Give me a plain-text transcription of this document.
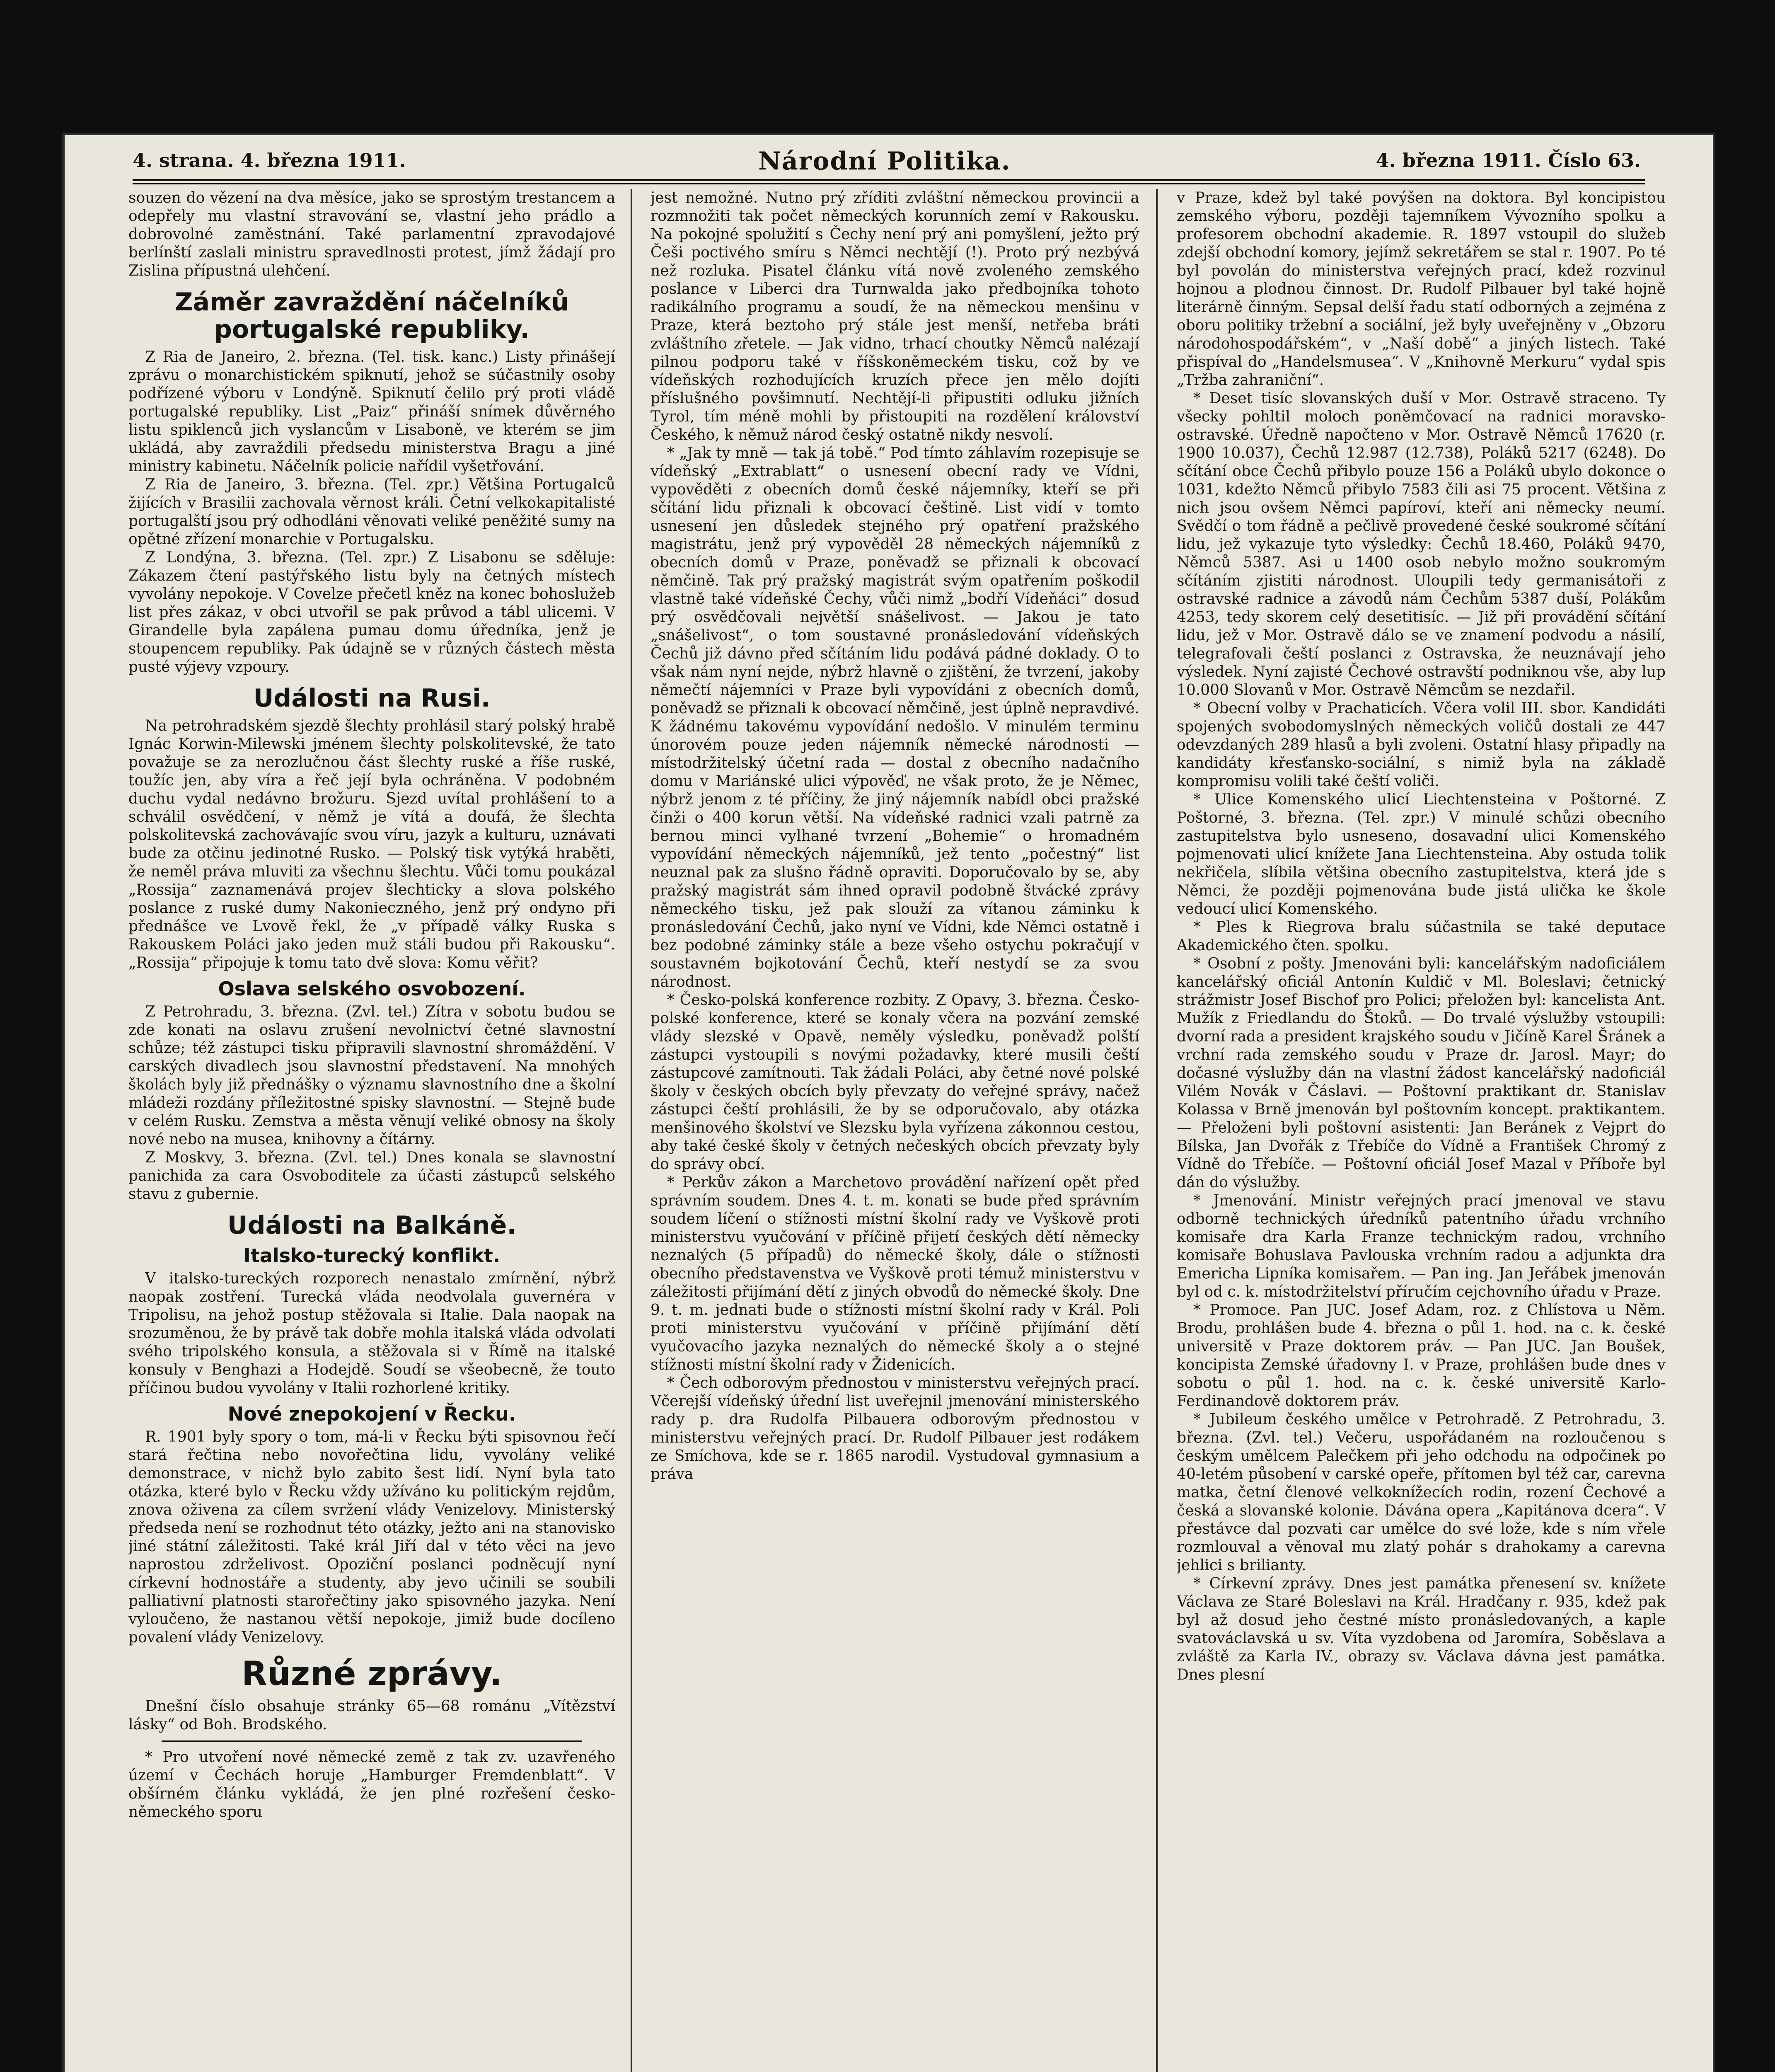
4. strana. 4. března 1911.	Národní Politika.	4. března 1911. Číslo 63.

souzen do vězení na dva měsíce, jako se sprostým trestancem a odepřely mu vlastní stravování se, vlastní jeho prádlo a dobrovolné zaměstnání. Také parlamentní zpravodajové berlínští zaslali ministru spravedlnosti protest, jímž žádají pro Zislina přípustná ulehčení.

Záměr zavraždění náčelníků portugalské republiky.

Z Ria de Janeiro, 2. března. (Tel. tisk. kanc.) Listy přinášejí zprávu o monarchistickém spiknutí, jehož se súčastnily osoby podřízené výboru v Londýně. Spiknutí čelilo prý proti vládě portugalské republiky. List „Paiz“ přináší snímek důvěrného listu spiklenců jich vyslancům v Lisaboně, ve kterém se jim ukládá, aby zavraždili předsedu ministerstva Bragu a jiné ministry kabinetu. Náčelník policie nařídil vyšetřování.

Z Ria de Janeiro, 3. března. (Tel. zpr.) Většina Portugalců žijících v Brasilii zachovala věrnost králi. Četní velkokapitalisté portugalští jsou prý odhodláni věnovati veliké peněžité sumy na opětné zřízení monarchie v Portugalsku.

Z Londýna, 3. března. (Tel. zpr.) Z Lisabonu se sděluje: Zákazem čtení pastýřského listu byly na četných místech vyvolány nepokoje. V Covelze přečetl kněz na konec bohoslužeb list přes zákaz, v obci utvořil se pak průvod a tábl ulicemi. V Girandelle byla zapálena pumau domu úředníka, jenž je stoupencem republiky. Pak údajně se v různých částech města pusté výjevy vzpoury.

Události na Rusi.

Na petrohradském sjezdě šlechty prohlásil starý polský hrabě Ignác Korwin-Milewski jménem šlechty polskolitevské, že tato považuje se za nerozlučnou část šlechty ruské a říše ruské, toužíc jen, aby víra a řeč její byla ochráněna. V podobném duchu vydal nedávno brožuru. Sjezd uvítal prohlášení to a schválil osvědčení, v němž je vítá a doufá, že šlechta polskolitevská zachovávajíc svou víru, jazyk a kulturu, uznávati bude za otčinu jedinotné Rusko. — Polský tisk vytýká hraběti, že neměl práva mluviti za všechnu šlechtu. Vůči tomu poukázal „Rossija“ zaznamenává projev šlechticky a slova polského poslance z ruské dumy Nakonieczného, jenž prý ondyno při přednášce ve Lvově řekl, že „v případě války Ruska s Rakouskem Poláci jako jeden muž stáli budou při Rakousku“. „Rossija“ připojuje k tomu tato dvě slova: Komu věřit?

Oslava selského osvobození.

Z Petrohradu, 3. března. (Zvl. tel.) Zítra v sobotu budou se zde konati na oslavu zrušení nevolnictví četné slavnostní schůze; též zástupci tisku připravili slavnostní shromáždění. V carských divadlech jsou slavnostní představení. Na mnohých školách byly již přednášky o významu slavnostního dne a školní mládeži rozdány příležitostné spisky slavnostní. — Stejně bude v celém Rusku. Zemstva a města věnují veliké obnosy na školy nové nebo na musea, knihovny a čítárny.

Z Moskvy, 3. března. (Zvl. tel.) Dnes konala se slavnostní panichida za cara Osvoboditele za účasti zástupců selského stavu z gubernie.

Události na Balkáně.
Italsko-turecký konflikt.

V italsko-tureckých rozporech nenastalo zmírnění, nýbrž naopak zostření. Turecká vláda neodvolala guvernéra v Tripolisu, na jehož postup stěžovala si Italie. Dala naopak na srozuměnou, že by právě tak dobře mohla italská vláda odvolati svého tripolského konsula, a stěžovala si v Římě na italské konsuly v Benghazi a Hodejdě. Soudí se všeobecně, že touto příčinou budou vyvolány v Italii rozhorlené kritiky.

Nové znepokojení v Řecku.

R. 1901 byly spory o tom, má-li v Řecku býti spisovnou řečí stará řečtina nebo novořečtina lidu, vyvolány veliké demonstrace, v nichž bylo zabito šest lidí. Nyní byla tato otázka, které bylo v Řecku vždy užíváno ku politickým rejdům, znova oživena za cílem svržení vlády Venizelovy. Ministerský předseda není se rozhodnut této otázky, ježto ani na stanovisko jiné státní záležitosti. Také král Jiří dal v této věci na jevo naprostou zdrželivost. Opoziční poslanci podněcují nyní církevní hodnostáře a studenty, aby jevo učinili se soubili palliativní platnosti starořečtiny jako spisovného jazyka. Není vyloučeno, že nastanou větší nepokoje, jimiž bude docíleno povalení vlády Venizelovy.

Různé zprávy.

Dnešní číslo obsahuje stránky 65—68 románu „Vítězství lásky“ od Boh. Brodského.

* Pro utvoření nové německé země z tak zv. uzavřeného území v Čechách horuje „Hamburger Fremdenblatt“. V obšírném článku vykládá, že jen plné rozřešení česko-německého sporu

jest nemožné. Nutno prý zříditi zvláštní německou provincii a rozmnožiti tak počet německých korunních zemí v Rakousku. Na pokojné spolužití s Čechy není prý ani pomyšlení, ježto prý Češi poctivého smíru s Němci nechtějí (!). Proto prý nezbývá než rozluka. Pisatel článku vítá nově zvoleného zemského poslance v Liberci dra Turnwalda jako předbojníka tohoto radikálního programu a soudí, že na německou menšinu v Praze, která beztoho prý stále jest menší, netřeba bráti zvláštního zřetele. — Jak vidno, trhací choutky Němců nalézají pilnou podporu také v říšskoněmeckém tisku, což by ve vídeňských rozhodujících kruzích přece jen mělo dojíti příslušného povšimnutí. Nechtějí-li připustiti odluku jižních Tyrol, tím méně mohli by přistoupiti na rozdělení království Českého, k němuž národ český ostatně nikdy nesvolí.

* „Jak ty mně — tak já tobě.“ Pod tímto záhlavím rozepisuje se vídeňský „Extrablatt“ o usnesení obecní rady ve Vídni, vypověděti z obecních domů české nájemníky, kteří se při sčítání lidu přiznali k obcovací češtině. List vidí v tomto usnesení jen důsledek stejného prý opatření pražského magistrátu, jenž prý vypověděl 28 německých nájemníků z obecních domů v Praze, poněvadž se přiznali k obcovací němčině. Tak prý pražský magistrát svým opatřením poškodil vlastně také vídeňské Čechy, vůči nimž „bodří Vídeňáci“ dosud prý osvědčovali největší snášelivost. — Jakou je tato „snášelivost“, o tom soustavné pronásledování vídeňských Čechů již dávno před sčítáním lidu podává pádné doklady. O to však nám nyní nejde, nýbrž hlavně o zjištění, že tvrzení, jakoby němečtí nájemníci v Praze byli vypovídáni z obecních domů, poněvadž se přiznali k obcovací němčině, jest úplně nepravdivé. K žádnému takovému vypovídání nedošlo. V minulém terminu únorovém pouze jeden nájemník německé národnosti — místodržitelský účetní rada — dostal z obecního nadačního domu v Mariánské ulici výpověď, ne však proto, že je Němec, nýbrž jenom z té příčiny, že jiný nájemník nabídl obci pražské činži o 400 korun větší. Na vídeňské radnici vzali patrně za bernou minci vylhané tvrzení „Bohemie“ o hromadném vypovídání německých nájemníků, jež tento „počestný“ list neuznal pak za slušno řádně opraviti. Doporučovalo by se, aby pražský magistrát sám ihned opravil podobně štvácké zprávy německého tisku, jež pak slouží za vítanou záminku k pronásledování Čechů, jako nyní ve Vídni, kde Němci ostatně i bez podobné záminky stále a beze všeho ostychu pokračují v soustavném bojkotování Čechů, kteří nestydí se za svou národnost.

* Česko-polská konference rozbity. Z Opavy, 3. března. Česko-polské konference, které se konaly včera na pozvání zemské vlády slezské v Opavě, neměly výsledku, poněvadž polští zástupci vystoupili s novými požadavky, které musili čeští zástupcové zamítnouti. Tak žádali Poláci, aby četné nové polské školy v českých obcích byly převzaty do veřejné správy, načež zástupci čeští prohlásili, že by se odporučovalo, aby otázka menšinového školství ve Slezsku byla vyřízena zákonnou cestou, aby také české školy v četných nečeských obcích převzaty byly do správy obcí.

* Perkův zákon a Marchetovo provádění nařízení opět před správním soudem. Dnes 4. t. m. konati se bude před správním soudem líčení o stížnosti místní školní rady ve Vyškově proti ministerstvu vyučování v příčině přijetí českých dětí německy neznalých (5 případů) do německé školy, dále o stížnosti obecního představenstva ve Vyškově proti témuž ministerstvu v záležitosti přijímání dětí z jiných obvodů do německé školy. Dne 9. t. m. jednati bude o stížnosti místní školní rady v Král. Poli proti ministerstvu vyučování v příčině přijímání dětí vyučovacího jazyka neznalých do německé školy a o stejné stížnosti místní školní rady v Židenicích.

* Čech odborovým přednostou v ministerstvu veřejných prací. Včerejší vídeňský úřední list uveřejnil jmenování ministerského rady p. dra Rudolfa Pilbauera odborovým přednostou v ministerstvu veřejných prací. Dr. Rudolf Pilbauer jest rodákem ze Smíchova, kde se r. 1865 narodil. Vystudoval gymnasium a práva

v Praze, kdež byl také povýšen na doktora. Byl koncipistou zemského výboru, později tajemníkem Vývozního spolku a profesorem obchodní akademie. R. 1897 vstoupil do služeb zdejší obchodní komory, jejímž sekretářem se stal r. 1907. Po té byl povolán do ministerstva veřejných prací, kdež rozvinul hojnou a plodnou činnost. Dr. Rudolf Pilbauer byl také hojně literárně činným. Sepsal delší řadu statí odborných a zejména z oboru politiky tržební a sociální, jež byly uveřejněny v „Obzoru národohospodářském“, v „Naší době“ a jiných listech. Také přispíval do „Handelsmusea“. V „Knihovně Merkuru“ vydal spis „Tržba zahraniční“.

* Deset tisíc slovanských duší v Mor. Ostravě straceno. Ty všecky pohltil moloch poněmčovací na radnici moravsko-ostravské. Úředně napočteno v Mor. Ostravě Němců 17620 (r. 1900 10.037), Čechů 12.987 (12.738), Poláků 5217 (6248). Do sčítání obce Čechů přibylo pouze 156 a Poláků ubylo dokonce o 1031, kdežto Němců přibylo 7583 čili asi 75 procent. Většina z nich jsou ovšem Němci papíroví, kteří ani německy neumí. Svědčí o tom řádně a pečlivě provedené české soukromé sčítání lidu, jež vykazuje tyto výsledky: Čechů 18.460, Poláků 9470, Němců 5387. Asi u 1400 osob nebylo možno soukromým sčítáním zjistiti národnost. Uloupili tedy germanisátoři z ostravské radnice a závodů nám Čechům 5387 duší, Polákům 4253, tedy skorem celý desetitisíc. — Již při provádění sčítání lidu, jež v Mor. Ostravě dálo se ve znamení podvodu a násilí, telegrafovali čeští poslanci z Ostravska, že neuznávají jeho výsledek. Nyní zajisté Čechové ostravští podniknou vše, aby lup 10.000 Slovanů v Mor. Ostravě Němcům se nezdařil.

* Obecní volby v Prachaticích. Včera volil III. sbor. Kandidáti spojených svobodomyslných německých voličů dostali ze 447 odevzdaných 289 hlasů a byli zvoleni. Ostatní hlasy připadly na kandidáty křesťansko-sociální, s nimiž byla na základě kompromisu volili také čeští voliči.

* Ulice Komenského ulicí Liechtensteina v Poštorné. Z Poštorné, 3. března. (Tel. zpr.) V minulé schůzi obecního zastupitelstva bylo usneseno, dosavadní ulici Komenského pojmenovati ulicí knížete Jana Liechtensteina. Aby ostuda tolik nekřičela, slíbila většina obecního zastupitelstva, která jde s Němci, že později pojmenována bude jistá ulička ke škole vedoucí ulicí Komenského.

* Ples k Riegrova bralu súčastnila se také deputace Akademického čten. spolku.

* Osobní z pošty. Jmenováni byli: kancelářským nadoficiálem kancelářský oficiál Antonín Kuldič v Ml. Boleslavi; četnický strážmistr Josef Bischof pro Polici; přeložen byl: kancelista Ant. Mužík z Friedlandu do Štoků. — Do trvalé výslužby vstoupili: dvorní rada a president krajského soudu v Jičíně Karel Šránek a vrchní rada zemského soudu v Praze dr. Jarosl. Mayr; do dočasné výslužby dán na vlastní žádost kancelářský nadoficiál Vilém Novák v Čáslavi. — Poštovní praktikant dr. Stanislav Kolassa v Brně jmenován byl poštovním koncept. praktikantem. — Přeloženi byli poštovní asistenti: Jan Beránek z Vejprt do Bílska, Jan Dvořák z Třebíče do Vídně a František Chromý z Vídně do Třebíče. — Poštovní oficiál Josef Mazal v Příboře byl dán do výslužby.

* Jmenování. Ministr veřejných prací jmenoval ve stavu odborně technických úředníků patentního úřadu vrchního komisaře dra Karla Franze technickým radou, vrchního komisaře Bohuslava Pavlouska vrchním radou a adjunkta dra Emericha Lipníka komisařem. — Pan ing. Jan Jeřábek jmenován byl od c. k. místodržitelství příručím cejchovního úřadu v Praze.

* Promoce. Pan JUC. Josef Adam, roz. z Chlístova u Něm. Brodu, prohlášen bude 4. března o půl 1. hod. na c. k. české universitě v Praze doktorem práv. — Pan JUC. Jan Boušek, koncipista Zemské úřadovny I. v Praze, prohlášen bude dnes v sobotu o půl 1. hod. na c. k. české universitě Karlo-Ferdinandově doktorem práv.

* Jubileum českého umělce v Petrohradě. Z Petrohradu, 3. března. (Zvl. tel.) Večeru, uspořádaném na rozloučenou s českým umělcem Palečkem při jeho odchodu na odpočinek po 40-letém působení v carské opeře, přítomen byl též car, carevna matka, četní členové velkoknížecích rodin, rození Čechové a česká a slovanské kolonie. Dávána opera „Kapitánova dcera“. V přestávce dal pozvati car umělce do své lože, kde s ním vřele rozmlouval a věnoval mu zlatý pohár s drahokamy a carevna jehlici s brilianty.

* Církevní zprávy. Dnes jest památka přenesení sv. knížete Václava ze Staré Boleslavi na Král. Hradčany r. 935, kdež pak byl až dosud jeho čestné místo pronásledovaných, a kaple svatováclavská u sv. Víta vyzdobena od Jaromíra, Soběslava a zvláště za Karla IV., obrazy sv. Václava dávna jest památka. Dnes plesní
